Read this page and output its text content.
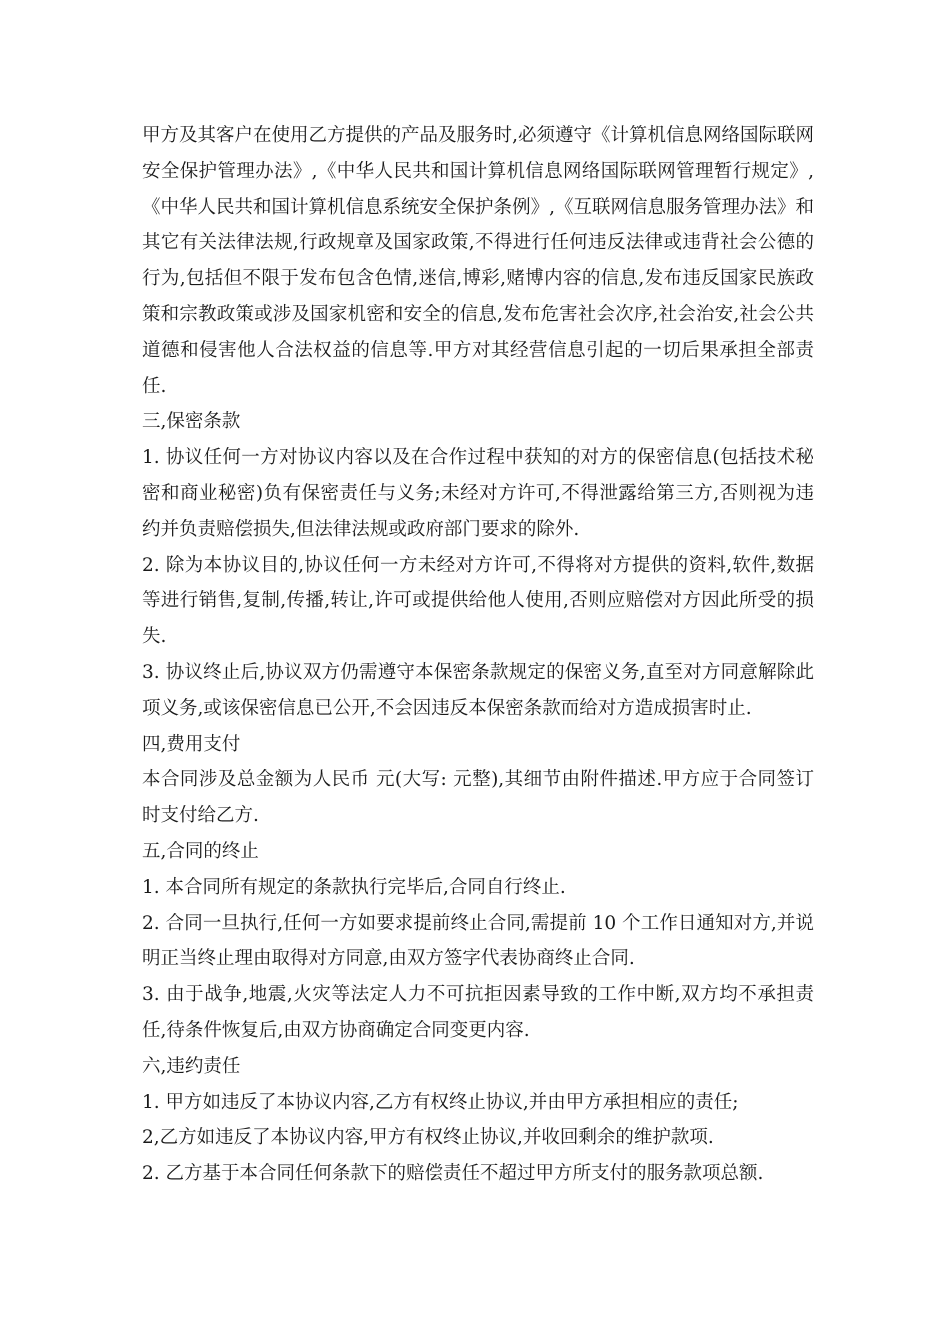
甲方及其客户在使用乙方提供的产品及服务时,必须遵守《计算机信息网络国际联网安全保护管理办法》,《中华人民共和国计算机信息网络国际联网管理暂行规定》,《中华人民共和国计算机信息系统安全保护条例》,《互联网信息服务管理办法》和其它有关法律法规,行政规章及国家政策,不得进行任何违反法律或违背社会公德的行为,包括但不限于发布包含色情,迷信,博彩,赌博内容的信息,发布违反国家民族政策和宗教政策或涉及国家机密和安全的信息,发布危害社会次序,社会治安,社会公共道德和侵害他人合法权益的信息等.甲方对其经营信息引起的一切后果承担全部责任.

三,保密条款

1. 协议任何一方对协议内容以及在合作过程中获知的对方的保密信息(包括技术秘密和商业秘密)负有保密责任与义务;未经对方许可,不得泄露给第三方,否则视为违约并负责赔偿损失,但法律法规或政府部门要求的除外.

2. 除为本协议目的,协议任何一方未经对方许可,不得将对方提供的资料,软件,数据等进行销售,复制,传播,转让,许可或提供给他人使用,否则应赔偿对方因此所受的损失.

3. 协议终止后,协议双方仍需遵守本保密条款规定的保密义务,直至对方同意解除此项义务,或该保密信息已公开,不会因违反本保密条款而给对方造成损害时止.

四,费用支付

本合同涉及总金额为人民币 元(大写: 元整),其细节由附件描述.甲方应于合同签订时支付给乙方.

五,合同的终止

1. 本合同所有规定的条款执行完毕后,合同自行终止.

2. 合同一旦执行,任何一方如要求提前终止合同,需提前 10 个工作日通知对方,并说明正当终止理由取得对方同意,由双方签字代表协商终止合同.

3. 由于战争,地震,火灾等法定人力不可抗拒因素导致的工作中断,双方均不承担责任,待条件恢复后,由双方协商确定合同变更内容.

六,违约责任

1. 甲方如违反了本协议内容,乙方有权终止协议,并由甲方承担相应的责任;

2,乙方如违反了本协议内容,甲方有权终止协议,并收回剩余的维护款项.

2. 乙方基于本合同任何条款下的赔偿责任不超过甲方所支付的服务款项总额.
